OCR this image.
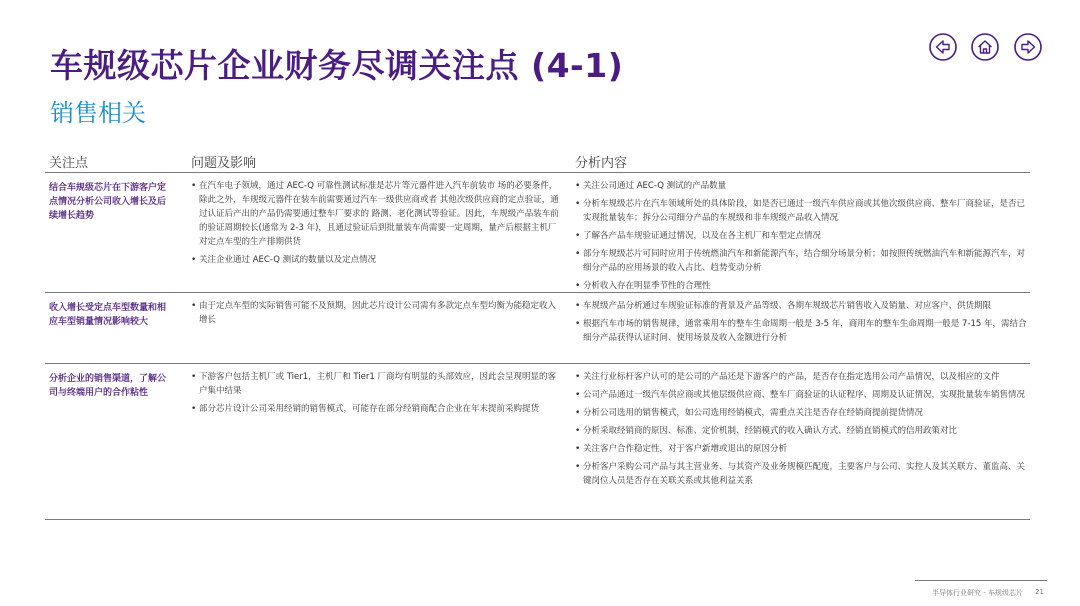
车规级芯片企业财务尽调关注点 (4-1)
销售相关
关注点	问题及影响	分析内容
结合车规级芯片在下游客户定点情况分析公司收入增长及后续增长趋势
• 在汽车电子领域，通过 AEC-Q 可靠性测试标准是芯片等元器件进入汽车前装市 场的必要条件，除此之外，车规级元器件在装车前需要通过汽车一级供应商或者 其他次级供应商的定点验证，通过认证后产出的产品仍需要通过整车厂要求的 路测、老化测试等验证。因此，车规级产品装车前的验证周期较长(通常为 2-3 年)，且通过验证后到批量装车尚需要一定周期，量产后根据主机厂对定点车型的生产排期供货
• 关注企业通过 AEC-Q 测试的数量以及定点情况
• 关注公司通过 AEC-Q 测试的产品数量
• 分析车规级芯片在汽车领域所处的具体阶段，如是否已通过一级汽车供应商或其他次级供应商、整车厂商验证，是否已实现批量装车；拆分公司细分产品的车规级和非车规级产品收入情况
• 了解各产品车规验证通过情况，以及在各主机厂和车型定点情况
• 部分车规级芯片可同时应用于传统燃油汽车和新能源汽车，结合细分场景分析；如按照传统燃油汽车和新能源汽车，对细分产品的应用场景的收入占比、趋势变动分析
• 分析收入存在明显季节性的合理性
收入增长受定点车型数量和相应车型销量情况影响较大
• 由于定点车型的实际销售可能不及预期，因此芯片设计公司需有多款定点车型均衡为能稳定收入增长
• 车规级产品分析通过车规验证标准的背景及产品等级、各期车规级芯片销售收入及销量、对应客户、供货期限
• 根据汽车市场的销售规律，通常乘用车的整车生命周期一般是 3-5 年，商用车的整车生命周期一般是 7-15 年，需结合细分产品获得认证时间、使用场景及收入金额进行分析
分析企业的销售渠道，了解公司与终端用户的合作粘性
• 下游客户包括主机厂或 Tier1，主机厂和 Tier1 厂商均有明显的头部效应，因此会呈现明显的客户集中结果
• 部分芯片设计公司采用经销的销售模式，可能存在部分经销商配合企业在年末提前采购提货
• 关注行业标杆客户认可的是公司的产品还是下游客户的产品，是否存在指定选用公司产品情况，以及相应的文件
• 公司产品通过一级汽车供应商或其他层级供应商、整车厂商验证的认证程序、周期及认证情况，实现批量装车销售情况
• 分析公司选用的销售模式，如公司选用经销模式，需重点关注是否存在经销商提前提货情况
• 分析采取经销商的原因、标准、定价机制、经销模式的收入确认方式、经销直销模式的信用政策对比
• 关注客户合作稳定性，对于客户新增或退出的原因分析
• 分析客户采购公司产品与其主营业务、与其资产及业务规模匹配度，主要客户与公司、实控人及其关联方、董监高、关键岗位人员是否存在关联关系或其他利益关系
半导体行业研究 - 车规级芯片 21
